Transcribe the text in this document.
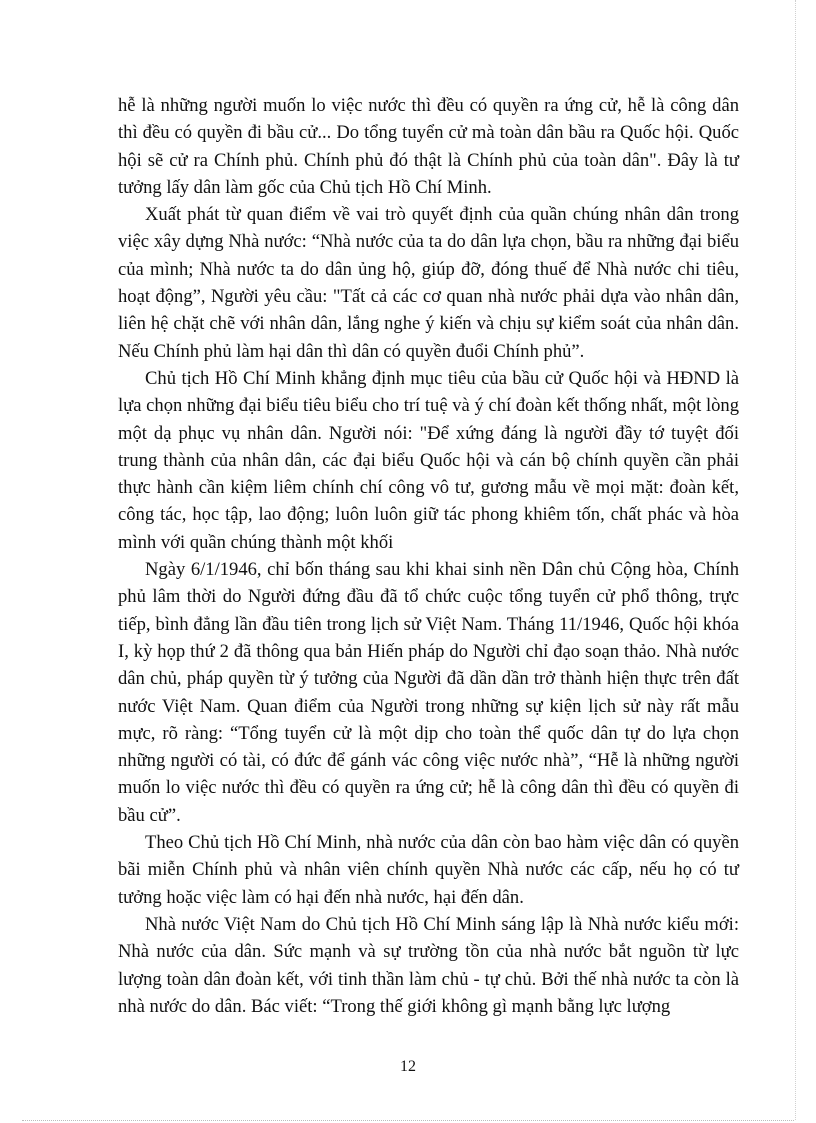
hễ là những người muốn lo việc nước thì đều có quyền ra ứng cử, hễ là công dân thì đều có quyền đi bầu cử... Do tổng tuyển cử mà toàn dân bầu ra Quốc hội. Quốc hội sẽ cử ra Chính phủ. Chính phủ đó thật là Chính phủ của toàn dân". Đây là tư tưởng lấy dân làm gốc của Chủ tịch Hồ Chí Minh.

Xuất phát từ quan điểm về vai trò quyết định của quần chúng nhân dân trong việc xây dựng Nhà nước: “Nhà nước của ta do dân lựa chọn, bầu ra những đại biểu của mình; Nhà nước ta do dân ủng hộ, giúp đỡ, đóng thuế để Nhà nước chi tiêu, hoạt động”, Người yêu cầu: "Tất cả các cơ quan nhà nước phải dựa vào nhân dân, liên hệ chặt chẽ với nhân dân, lắng nghe ý kiến và chịu sự kiểm soát của nhân dân. Nếu Chính phủ làm hại dân thì dân có quyền đuổi Chính phủ”.

Chủ tịch Hồ Chí Minh khẳng định mục tiêu của bầu cử Quốc hội và HĐND là lựa chọn những đại biểu tiêu biểu cho trí tuệ và ý chí đoàn kết thống nhất, một lòng một dạ phục vụ nhân dân. Người nói: "Để xứng đáng là người đầy tớ tuyệt đối trung thành của nhân dân, các đại biểu Quốc hội và cán bộ chính quyền cần phải thực hành cần kiệm liêm chính chí công vô tư, gương mẫu về mọi mặt: đoàn kết, công tác, học tập, lao động; luôn luôn giữ tác phong khiêm tốn, chất phác và hòa mình với quần chúng thành một khối

Ngày 6/1/1946, chỉ bốn tháng sau khi khai sinh nền Dân chủ Cộng hòa, Chính phủ lâm thời do Người đứng đầu đã tổ chức cuộc tổng tuyển cử phổ thông, trực tiếp, bình đẳng lần đầu tiên trong lịch sử Việt Nam. Tháng 11/1946, Quốc hội khóa I, kỳ họp thứ 2 đã thông qua bản Hiến pháp do Người chỉ đạo soạn thảo. Nhà nước dân chủ, pháp quyền từ ý tưởng của Người đã dần dần trở thành hiện thực trên đất nước Việt Nam. Quan điểm của Người trong những sự kiện lịch sử này rất mẫu mực, rõ ràng: “Tổng tuyển cử là một dịp cho toàn thể quốc dân tự do lựa chọn những người có tài, có đức để gánh vác công việc nước nhà”, “Hễ là những người muốn lo việc nước thì đều có quyền ra ứng cử; hễ là công dân thì đều có quyền đi bầu cử”.

Theo Chủ tịch Hồ Chí Minh, nhà nước của dân còn bao hàm việc dân có quyền bãi miễn Chính phủ và nhân viên chính quyền Nhà nước các cấp, nếu họ có tư tưởng hoặc việc làm có hại đến nhà nước, hại đến dân.

Nhà nước Việt Nam do Chủ tịch Hồ Chí Minh sáng lập là Nhà nước kiểu mới: Nhà nước của dân. Sức mạnh và sự trường tồn của nhà nước bắt nguồn từ lực lượng toàn dân đoàn kết, với tinh thần làm chủ - tự chủ. Bởi thế nhà nước ta còn là nhà nước do dân. Bác viết: “Trong thế giới không gì mạnh bằng lực lượng

12
